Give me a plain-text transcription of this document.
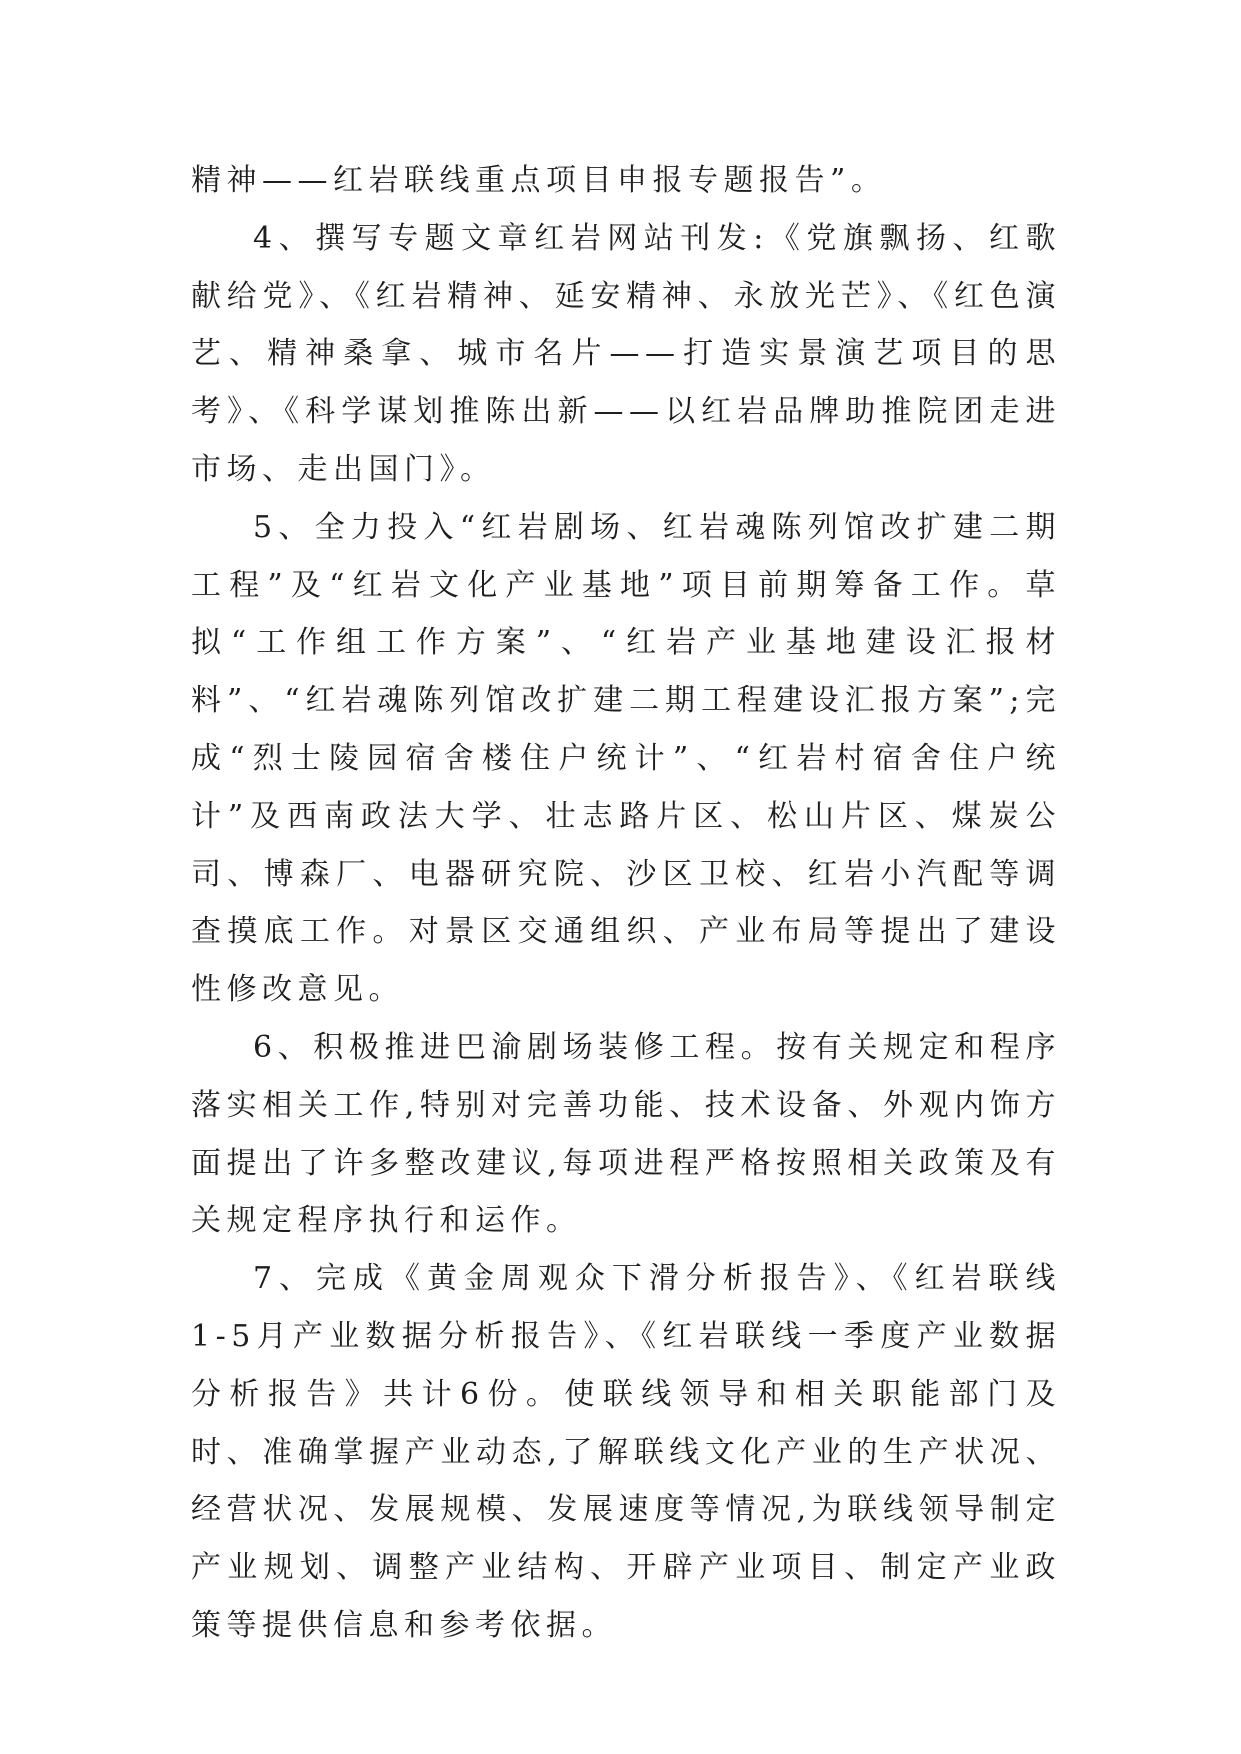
精神——红岩联线重点项目申报专题报告”。

4、撰写专题文章红岩网站刊发:《党旗飘扬、红歌献给党》、《红岩精神、延安精神、永放光芒》、《红色演艺、精神桑拿、城市名片——打造实景演艺项目的思考》、《科学谋划推陈出新——以红岩品牌助推院团走进市场、走出国门》。

5、全力投入“红岩剧场、红岩魂陈列馆改扩建二期工程”及“红岩文化产业基地”项目前期筹备工作。草拟“工作组工作方案”、“红岩产业基地建设汇报材料”、“红岩魂陈列馆改扩建二期工程建设汇报方案”;完成“烈士陵园宿舍楼住户统计”、“红岩村宿舍住户统计”及西南政法大学、壮志路片区、松山片区、煤炭公司、博森厂、电器研究院、沙区卫校、红岩小汽配等调查摸底工作。对景区交通组织、产业布局等提出了建设性修改意见。

6、积极推进巴渝剧场装修工程。按有关规定和程序落实相关工作,特别对完善功能、技术设备、外观内饰方面提出了许多整改建议,每项进程严格按照相关政策及有关规定程序执行和运作。

7、完成《黄金周观众下滑分析报告》、《红岩联线1-5月产业数据分析报告》、《红岩联线一季度产业数据分析报告》共计6份。使联线领导和相关职能部门及时、准确掌握产业动态,了解联线文化产业的生产状况、经营状况、发展规模、发展速度等情况,为联线领导制定产业规划、调整产业结构、开辟产业项目、制定产业政策等提供信息和参考依据。
